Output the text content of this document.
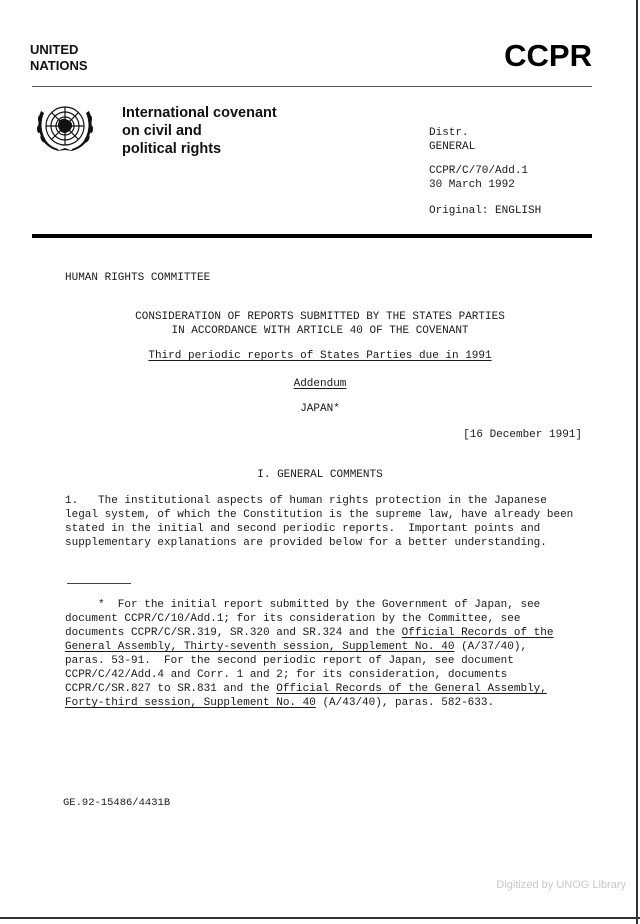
UNITED
NATIONS	CCPR
International covenant
on civil and
political rights
Distr.
GENERAL
CCPR/C/70/Add.1
30 March 1992
Original: ENGLISH
HUMAN RIGHTS COMMITTEE
CONSIDERATION OF REPORTS SUBMITTED BY THE STATES PARTIES
IN ACCORDANCE WITH ARTICLE 40 OF THE COVENANT
Third periodic reports of States Parties due in 1991
Addendum
JAPAN*
[16 December 1991]
I. GENERAL COMMENTS
1.   The institutional aspects of human rights protection in the Japanese
legal system, of which the Constitution is the supreme law, have already been
stated in the initial and second periodic reports.  Important points and
supplementary explanations are provided below for a better understanding.
*  For the initial report submitted by the Government of Japan, see
document CCPR/C/10/Add.1; for its consideration by the Committee, see
documents CCPR/C/SR.319, SR.320 and SR.324 and the Official Records of the
General Assembly, Thirty-seventh session, Supplement No. 40 (A/37/40),
paras. 53-91.  For the second periodic report of Japan, see document
CCPR/C/42/Add.4 and Corr. 1 and 2; for its consideration, documents
CCPR/C/SR.827 to SR.831 and the Official Records of the General Assembly,
Forty-third session, Supplement No. 40 (A/43/40), paras. 582-633.
GE.92-15486/4431B
Digitized by UNOG Library
